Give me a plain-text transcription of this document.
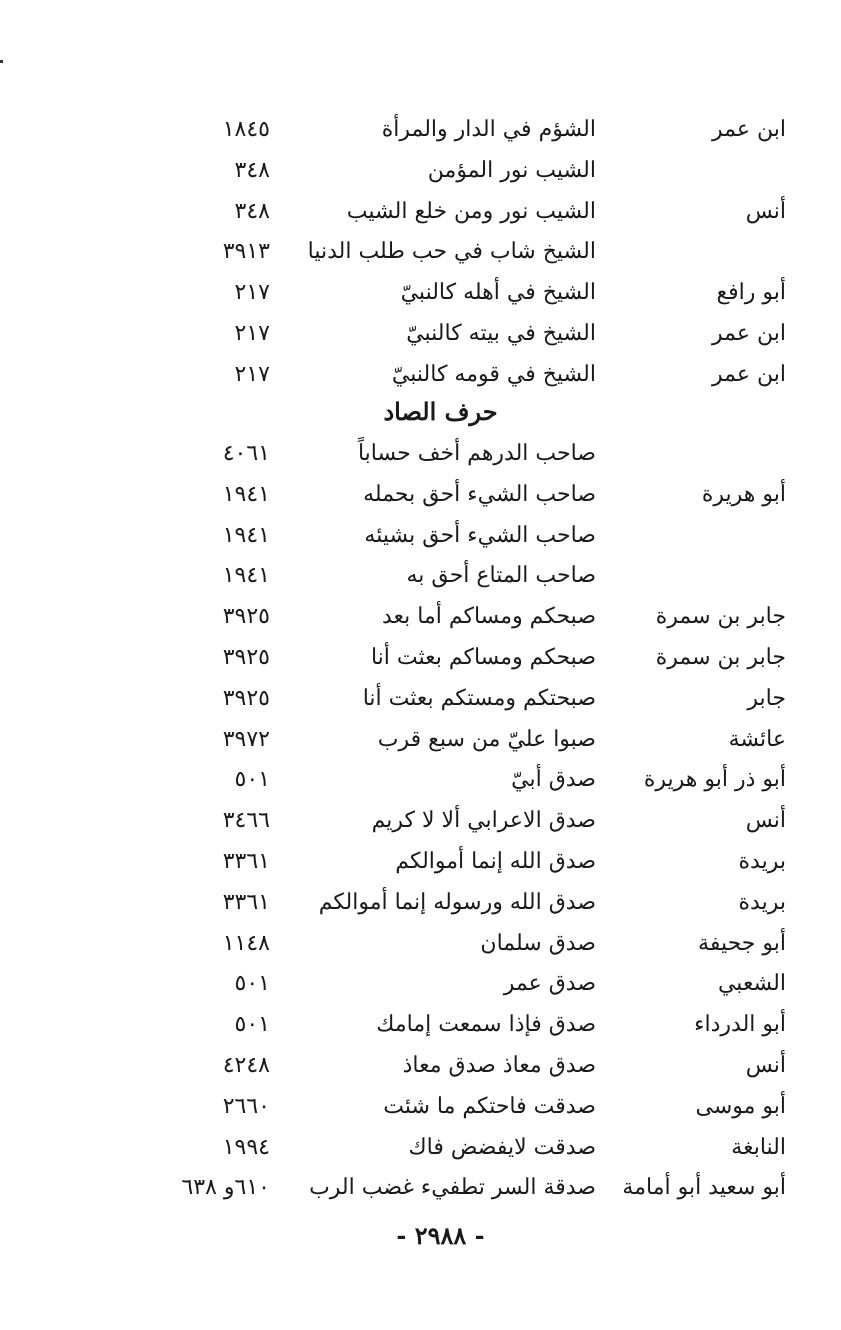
ابن عمر
الشؤم في الدار والمرأة
١٨٤٥
الشيب نور المؤمن
٣٤٨
أنس
الشيب نور ومن خلع الشيب
٣٤٨
الشيخ شاب في حب طلب الدنيا
٣٩١٣
أبو رافع
الشيخ في أهله كالنبيّ
٢١٧
ابن عمر
الشيخ في بيته كالنبيّ
٢١٧
ابن عمر
الشيخ في قومه كالنبيّ
٢١٧
حرف الصاد
صاحب الدرهم أخف حساباً
٤٠٦١
أبو هريرة
صاحب الشيء أحق بحمله
١٩٤١
صاحب الشيء أحق بشيئه
١٩٤١
صاحب المتاع أحق به
١٩٤١
جابر بن سمرة
صبحكم ومساكم أما بعد
٣٩٢٥
جابر بن سمرة
صبحكم ومساكم بعثت أنا
٣٩٢٥
جابر
صبحتكم ومستكم بعثت أنا
٣٩٢٥
عائشة
صبوا عليّ من سبع قرب
٣٩٧٢
أبو ذر أبو هريرة
صدق أبيّ
٥٠١
أنس
صدق الاعرابي ألا لا كريم
٣٤٦٦
بريدة
صدق الله إنما أموالكم
٣٣٦١
بريدة
صدق الله ورسوله إنما أموالكم
٣٣٦١
أبو جحيفة
صدق سلمان
١١٤٨
الشعبي
صدق عمر
٥٠١
أبو الدرداء
صدق فإذا سمعت إمامك
٥٠١
أنس
صدق معاذ صدق معاذ
٤٢٤٨
أبو موسى
صدقت فاحتكم ما شئت
٢٦٦٠
النابغة
صدقت لايفضض فاك
١٩٩٤
أبو سعيد أبو أمامة
صدقة السر تطفيء غضب الرب
٦١٠و ٦٣٨
- ٢٩٨٨ -
